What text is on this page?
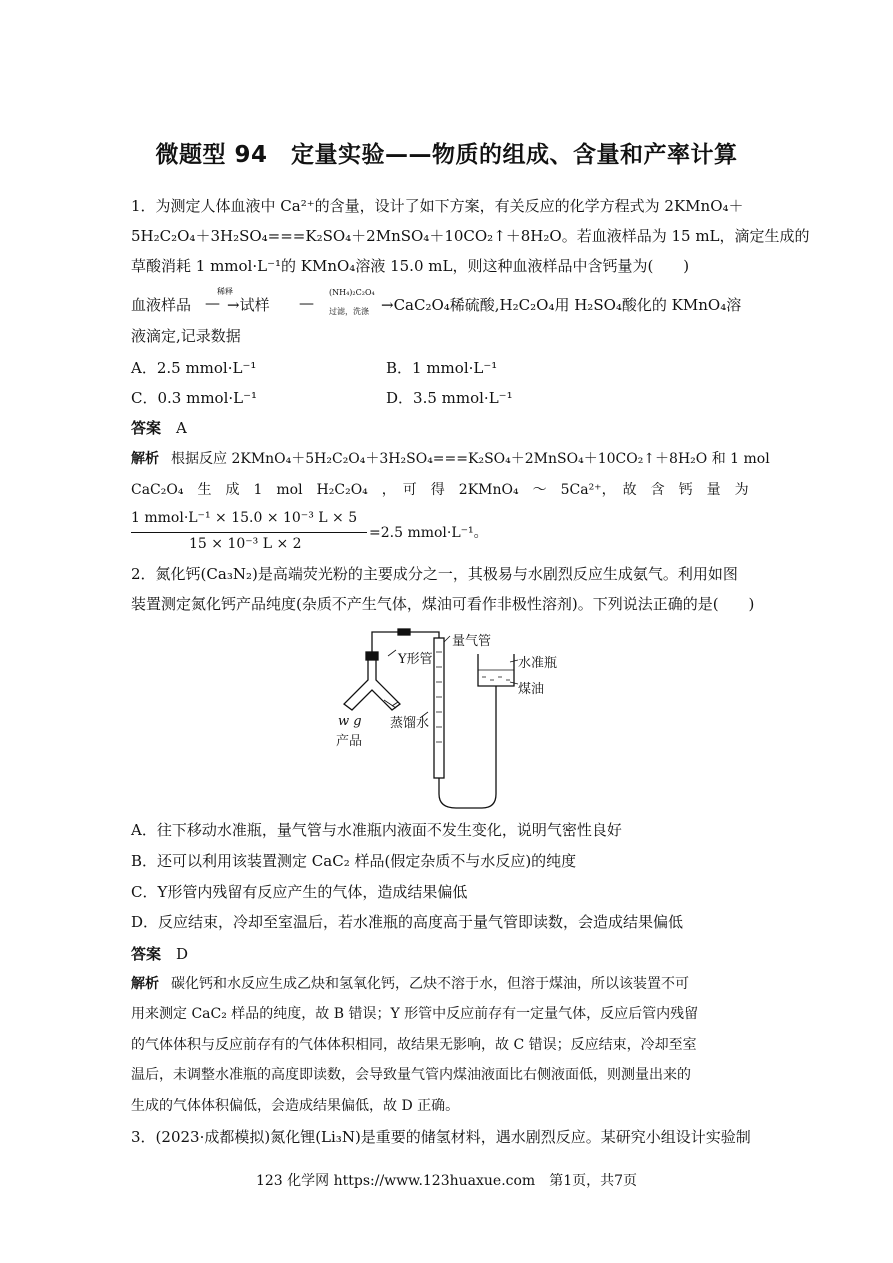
微题型 94　定量实验——物质的组成、含量和产率计算
1．为测定人体血液中 Ca²⁺的含量，设计了如下方案，有关反应的化学方程式为 2KMnO₄＋
5H₂C₂O₄＋3H₂SO₄===K₂SO₄＋2MnSO₄＋10CO₂↑＋8H₂O。若血液样品为 15 mL，滴定生成的
草酸消耗 1 mmol·L⁻¹的 KMnO₄溶液 15.0 mL，则这种血液样品中含钙量为(　　)
血液样品
稀释
— →试样 —
(NH₄)₂C₂O₄
过滤，洗涤 →CaC₂O₄稀硫酸,H₂C₂O₄用 H₂SO₄酸化的 KMnO₄溶
液滴定,记录数据
A．2.5 mmol·L⁻¹	B．1 mmol·L⁻¹
C．0.3 mmol·L⁻¹	D．3.5 mmol·L⁻¹
答案　 A
解析 根据反应 2KMnO₄＋5H₂C₂O₄＋3H₂SO₄===K₂SO₄＋2MnSO₄＋10CO₂↑＋8H₂O 和 1 mol
CaC₂O₄　生　成　1　mol　H₂C₂O₄　，　可　得　2KMnO₄　～　5Ca²⁺，　故　含　钙　量　为
1 mmol·L⁻¹ × 15.0 × 10⁻³ L × 5
15 × 10⁻³ L × 2
=2.5 mmol·L⁻¹。
2．氮化钙(Ca₃N₂)是高端荧光粉的主要成分之一，其极易与水剧烈反应生成氨气。利用如图
装置测定氮化钙产品纯度(杂质不产生气体，煤油可看作非极性溶剂)。下列说法正确的是(　　)
Y形管
量气管
水准瓶
煤油
蒸馏水
w g
产品
A．往下移动水准瓶，量气管与水准瓶内液面不发生变化，说明气密性良好
B．还可以利用该装置测定 CaC₂ 样品(假定杂质不与水反应)的纯度
C．Y形管内残留有反应产生的气体，造成结果偏低
D．反应结束，冷却至室温后，若水准瓶的高度高于量气管即读数，会造成结果偏低
答案　 D
解析 碳化钙和水反应生成乙炔和氢氧化钙，乙炔不溶于水，但溶于煤油，所以该装置不可
用来测定 CaC₂ 样品的纯度，故 B 错误；Y 形管中反应前存有一定量气体，反应后管内残留
的气体体积与反应前存有的气体体积相同，故结果无影响，故 C 错误；反应结束，冷却至室
温后，未调整水准瓶的高度即读数，会导致量气管内煤油液面比右侧液面低，则测量出来的
生成的气体体积偏低，会造成结果偏低，故 D 正确。
3．(2023·成都模拟)氮化锂(Li₃N)是重要的储氢材料，遇水剧烈反应。某研究小组设计实验制
123 化学网 https://www.123huaxue.com　第1页，共7页
